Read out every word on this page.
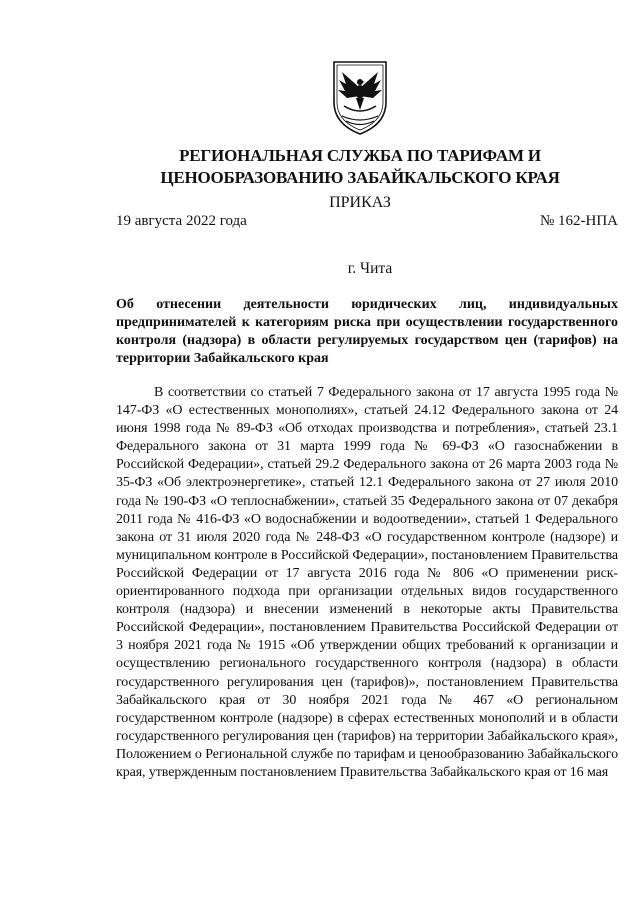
РЕГИОНАЛЬНАЯ СЛУЖБА ПО ТАРИФАМ И
ЦЕНООБРАЗОВАНИЮ ЗАБАЙКАЛЬСКОГО КРАЯ
ПРИКАЗ
19 августа 2022 года	№ 162-НПА
г. Чита
Об отнесении деятельности юридических лиц, индивидуальных предпринимателей к категориям риска при осуществлении государственного контроля (надзора) в области регулируемых государством цен (тарифов) на территории Забайкальского края
В соответствии со статьей 7 Федерального закона от 17 августа 1995 года № 147-ФЗ «О естественных монополиях», статьей 24.12 Федерального закона от 24 июня 1998 года № 89-ФЗ «Об отходах производства и потребления», статьей 23.1 Федерального закона от 31 марта 1999 года № 69-ФЗ «О газоснабжении в Российской Федерации», статьей 29.2 Федерального закона от 26 марта 2003 года № 35-ФЗ «Об электроэнергетике», статьей 12.1 Федерального закона от 27 июля 2010 года № 190-ФЗ «О теплоснабжении», статьей 35 Федерального закона от 07 декабря 2011 года № 416-ФЗ «О водоснабжении и водоотведении», статьей 1 Федерального закона от 31 июля 2020 года № 248-ФЗ «О государственном контроле (надзоре) и муниципальном контроле в Российской Федерации», постановлением Правительства Российской Федерации от 17 августа 2016 года № 806 «О применении риск-ориентированного подхода при организации отдельных видов государственного контроля (надзора) и внесении изменений в некоторые акты Правительства Российской Федерации», постановлением Правительства Российской Федерации от 3 ноября 2021 года № 1915 «Об утверждении общих требований к организации и осуществлению регионального государственного контроля (надзора) в области государственного регулирования цен (тарифов)», постановлением Правительства Забайкальского края от 30 ноября 2021 года № 467 «О региональном государственном контроле (надзоре) в сферах естественных монополий и в области государственного регулирования цен (тарифов) на территории Забайкальского края», Положением о Региональной службе по тарифам и ценообразованию Забайкальского края, утвержденным постановлением Правительства Забайкальского края от 16 мая
